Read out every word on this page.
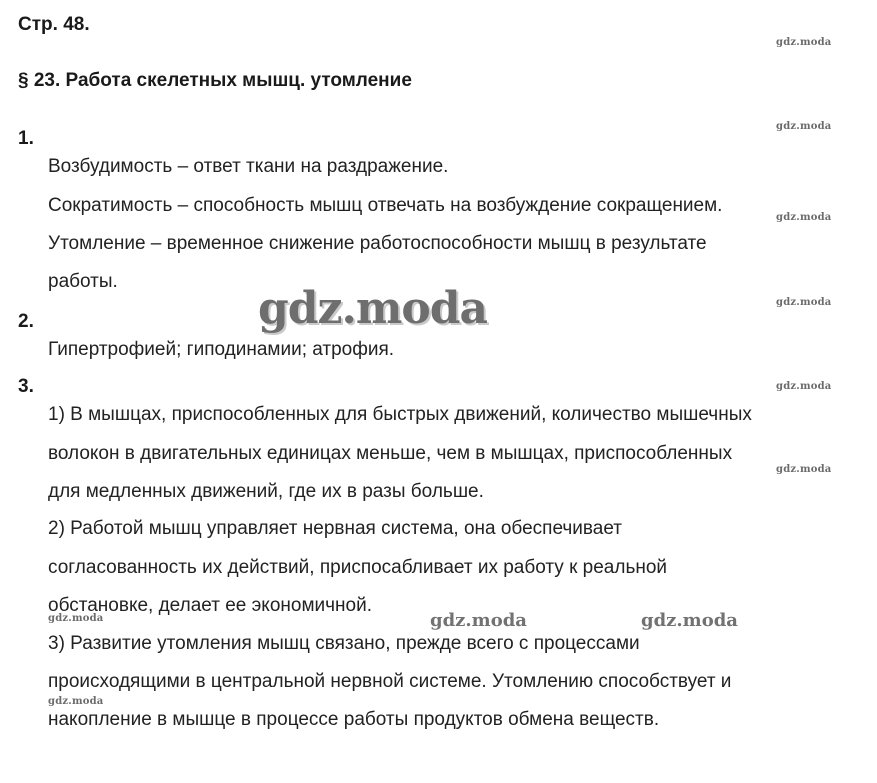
Стр. 48.
§ 23. Работа скелетных мышц. утомление
1.
Возбудимость – ответ ткани на раздражение.
Сократимость – способность мышц отвечать на возбуждение сокращением.
Утомление – временное снижение работоспособности мышц в результате
работы.
2.
Гипертрофией; гиподинамии; атрофия.
3.
1) В мышцах, приспособленных для быстрых движений, количество мышечных
волокон в двигательных единицах меньше, чем в мышцах, приспособленных
для медленных движений, где их в разы больше.
2) Работой мышц управляет нервная система, она обеспечивает
согласованность их действий, приспосабливает их работу к реальной
обстановке, делает ее экономичной.
3) Развитие утомления мышц связано, прежде всего с процессами
происходящими в центральной нервной системе. Утомлению способствует и
накопление в мышце в процессе работы продуктов обмена веществ.
gdz.moda
gdz.moda
gdz.moda
gdz.moda
gdz.moda
gdz.moda
gdz.moda
gdz.moda
gdz.moda	gdz.moda
gdz.moda
